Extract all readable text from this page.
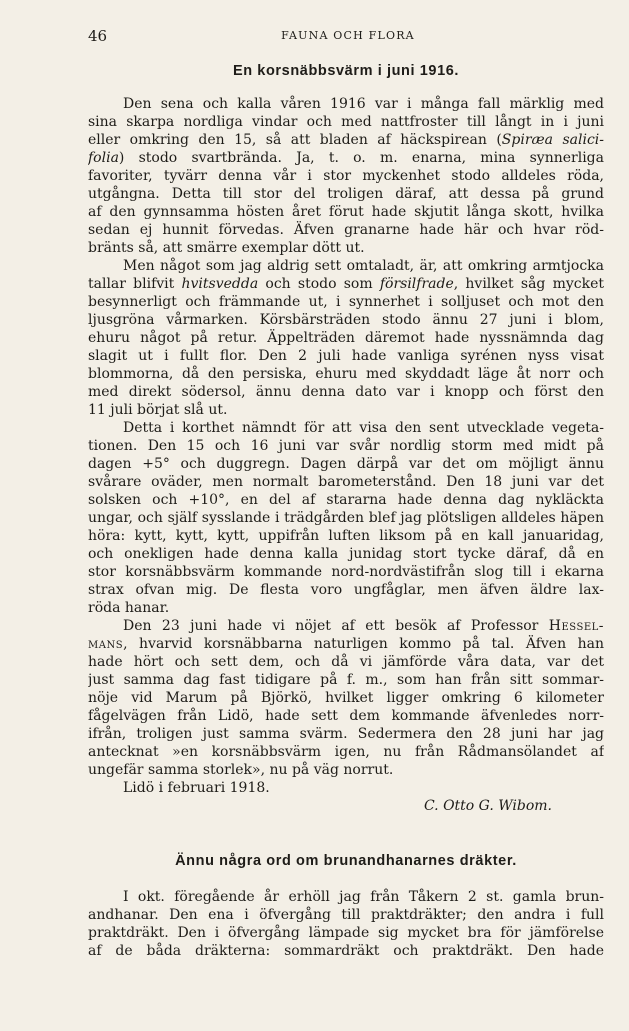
46	FAUNA OCH FLORA
En korsnäbbsvärm i juni 1916.
Den sena och kalla våren 1916 var i många fall märklig med
sina skarpa nordliga vindar och med nattfroster till långt in i juni
eller omkring den 15, så att bladen af häckspirean (Spiræa salici-
folia) stodo svartbrända. Ja, t. o. m. enarna, mina synnerliga
favoriter, tyvärr denna vår i stor myckenhet stodo alldeles röda,
utgångna. Detta till stor del troligen däraf, att dessa på grund
af den gynnsamma hösten året förut hade skjutit långa skott, hvilka
sedan ej hunnit förvedas. Äfven granarne hade här och hvar röd-
bränts så, att smärre exemplar dött ut.
Men något som jag aldrig sett omtaladt, är, att omkring armtjocka
tallar blifvit hvitsvedda och stodo som försilfrade, hvilket såg mycket
besynnerligt och främmande ut, i synnerhet i solljuset och mot den
ljusgröna vårmarken. Körsbärsträden stodo ännu 27 juni i blom,
ehuru något på retur. Äppelträden däremot hade nyssnämnda dag
slagit ut i fullt flor. Den 2 juli hade vanliga syrénen nyss visat
blommorna, då den persiska, ehuru med skyddadt läge åt norr och
med direkt södersol, ännu denna dato var i knopp och först den
11 juli börjat slå ut.
Detta i korthet nämndt för att visa den sent utvecklade vegeta-
tionen. Den 15 och 16 juni var svår nordlig storm med midt på
dagen +5° och duggregn. Dagen därpå var det om möjligt ännu
svårare oväder, men normalt barometerstånd. Den 18 juni var det
solsken och +10°, en del af stararna hade denna dag nykläckta
ungar, och själf sysslande i trädgården blef jag plötsligen alldeles häpen
höra: kytt, kytt, kytt, uppifrån luften liksom på en kall januaridag,
och onekligen hade denna kalla junidag stort tycke däraf, då en
stor korsnäbbsvärm kommande nord-nordvästifrån slog till i ekarna
strax ofvan mig. De flesta voro ungfåglar, men äfven äldre lax-
röda hanar.
Den 23 juni hade vi nöjet af ett besök af Professor Hessel-
mans, hvarvid korsnäbbarna naturligen kommo på tal. Äfven han
hade hört och sett dem, och då vi jämförde våra data, var det
just samma dag fast tidigare på f. m., som han från sitt sommar-
nöje vid Marum på Björkö, hvilket ligger omkring 6 kilometer
fågelvägen från Lidö, hade sett dem kommande äfvenledes norr-
ifrån, troligen just samma svärm. Sedermera den 28 juni har jag
antecknat »en korsnäbbsvärm igen, nu från Rådmansölandet af
ungefär samma storlek», nu på väg norrut.
Lidö i februari 1918.
C. Otto G. Wibom.
Ännu några ord om brunandhanarnes dräkter.
I okt. föregående år erhöll jag från Tåkern 2 st. gamla brun-
andhanar. Den ena i öfvergång till praktdräkter; den andra i full
praktdräkt. Den i öfvergång lämpade sig mycket bra för jämförelse
af de båda dräkterna: sommardräkt och praktdräkt. Den hade
